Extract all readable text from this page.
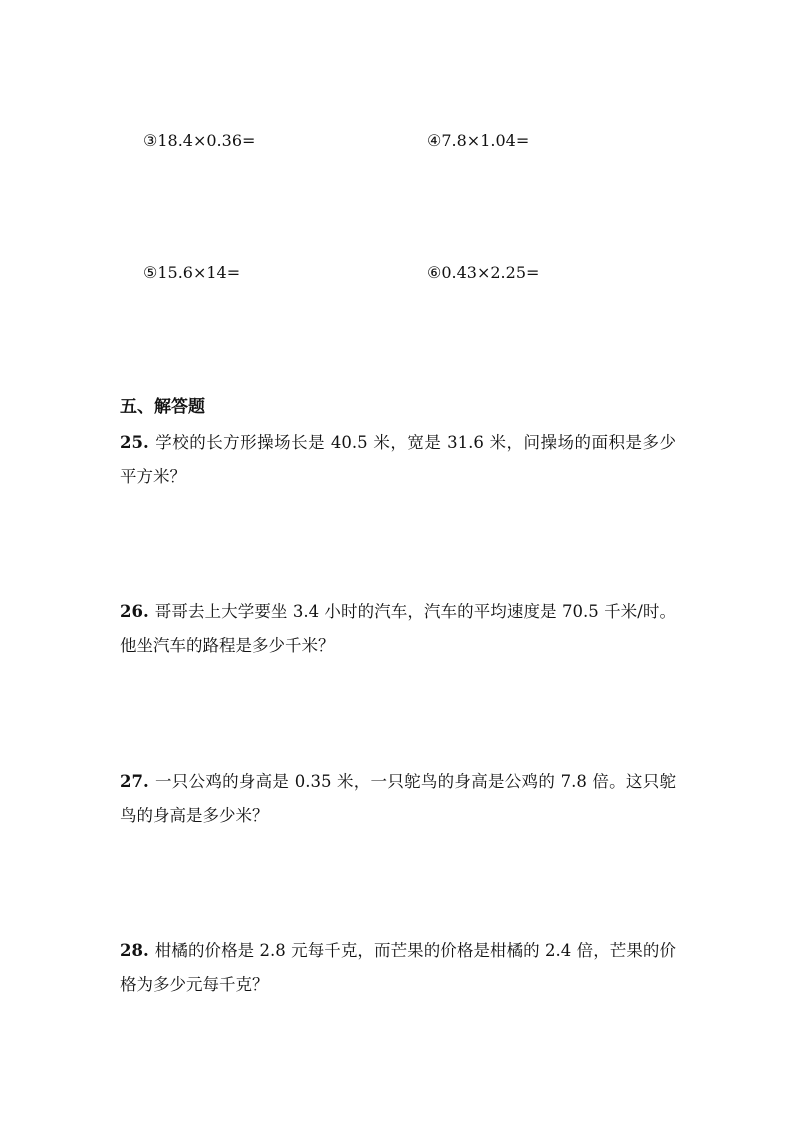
③18.4×0.36=	④7.8×1.04=
⑤15.6×14=	⑥0.43×2.25=
五、解答题
25. 学校的长方形操场长是 40.5 米，宽是 31.6 米，问操场的面积是多少平方米？
26. 哥哥去上大学要坐 3.4 小时的汽车，汽车的平均速度是 70.5 千米/时。他坐汽车的路程是多少千米？
27. 一只公鸡的身高是 0.35 米，一只鸵鸟的身高是公鸡的 7.8 倍。这只鸵鸟的身高是多少米？
28. 柑橘的价格是 2.8 元每千克，而芒果的价格是柑橘的 2.4 倍，芒果的价格为多少元每千克？
